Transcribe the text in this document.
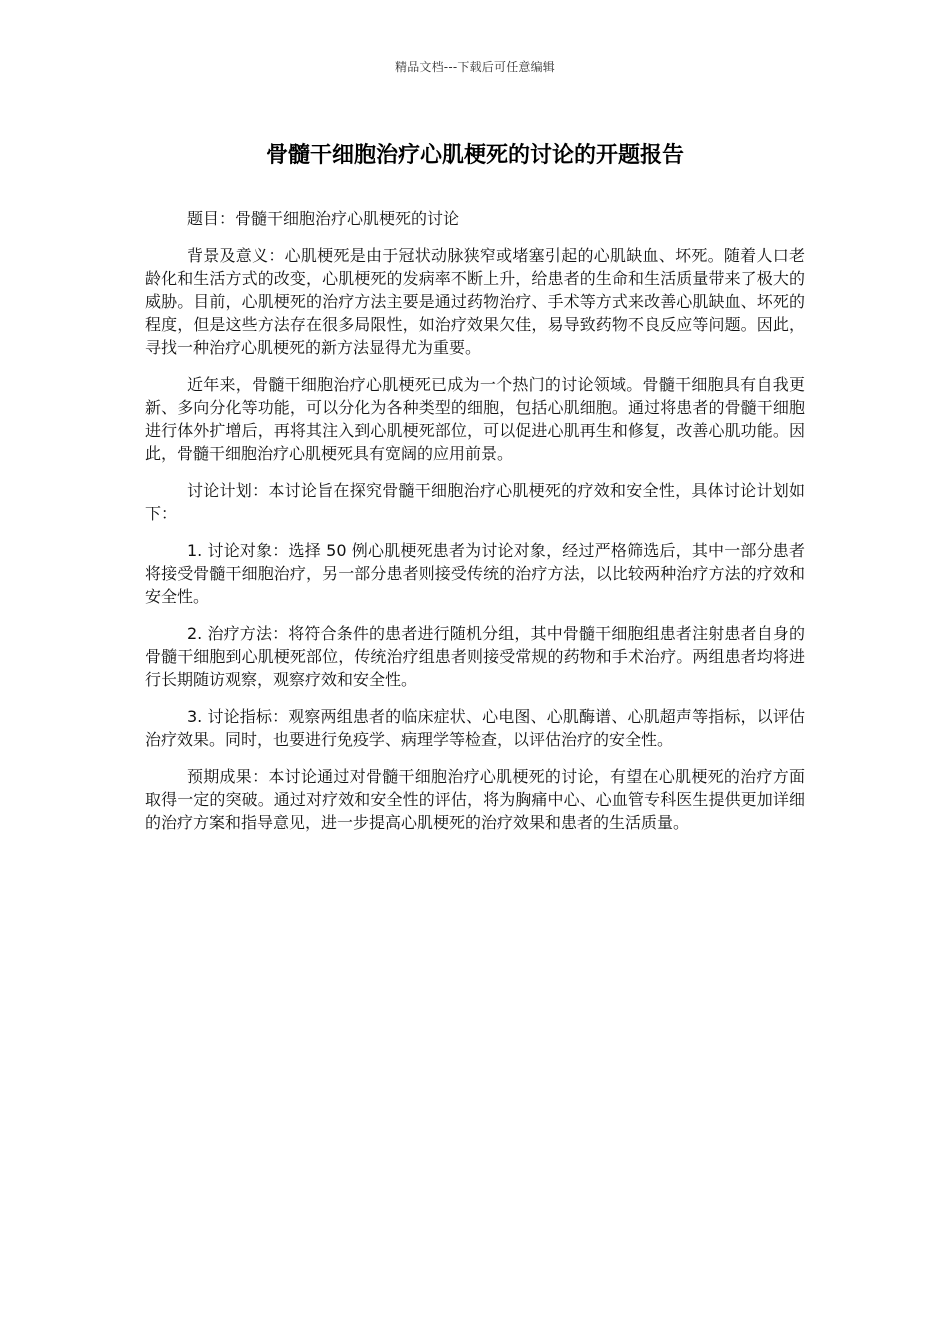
精品文档---下载后可任意编辑
骨髓干细胞治疗心肌梗死的讨论的开题报告

题目：骨髓干细胞治疗心肌梗死的讨论

背景及意义：心肌梗死是由于冠状动脉狭窄或堵塞引起的心肌缺血、坏死。随着人口老龄化和生活方式的改变，心肌梗死的发病率不断上升，给患者的生命和生活质量带来了极大的威胁。目前，心肌梗死的治疗方法主要是通过药物治疗、手术等方式来改善心肌缺血、坏死的程度，但是这些方法存在很多局限性，如治疗效果欠佳，易导致药物不良反应等问题。因此，寻找一种治疗心肌梗死的新方法显得尤为重要。

近年来，骨髓干细胞治疗心肌梗死已成为一个热门的讨论领域。骨髓干细胞具有自我更新、多向分化等功能，可以分化为各种类型的细胞，包括心肌细胞。通过将患者的骨髓干细胞进行体外扩增后，再将其注入到心肌梗死部位，可以促进心肌再生和修复，改善心肌功能。因此，骨髓干细胞治疗心肌梗死具有宽阔的应用前景。

讨论计划：本讨论旨在探究骨髓干细胞治疗心肌梗死的疗效和安全性，具体讨论计划如下：

1. 讨论对象：选择 50 例心肌梗死患者为讨论对象，经过严格筛选后，其中一部分患者将接受骨髓干细胞治疗，另一部分患者则接受传统的治疗方法，以比较两种治疗方法的疗效和安全性。

2. 治疗方法：将符合条件的患者进行随机分组，其中骨髓干细胞组患者注射患者自身的骨髓干细胞到心肌梗死部位，传统治疗组患者则接受常规的药物和手术治疗。两组患者均将进行长期随访观察，观察疗效和安全性。

3. 讨论指标：观察两组患者的临床症状、心电图、心肌酶谱、心肌超声等指标，以评估治疗效果。同时，也要进行免疫学、病理学等检查，以评估治疗的安全性。

预期成果：本讨论通过对骨髓干细胞治疗心肌梗死的讨论，有望在心肌梗死的治疗方面取得一定的突破。通过对疗效和安全性的评估，将为胸痛中心、心血管专科医生提供更加详细的治疗方案和指导意见，进一步提高心肌梗死的治疗效果和患者的生活质量。
